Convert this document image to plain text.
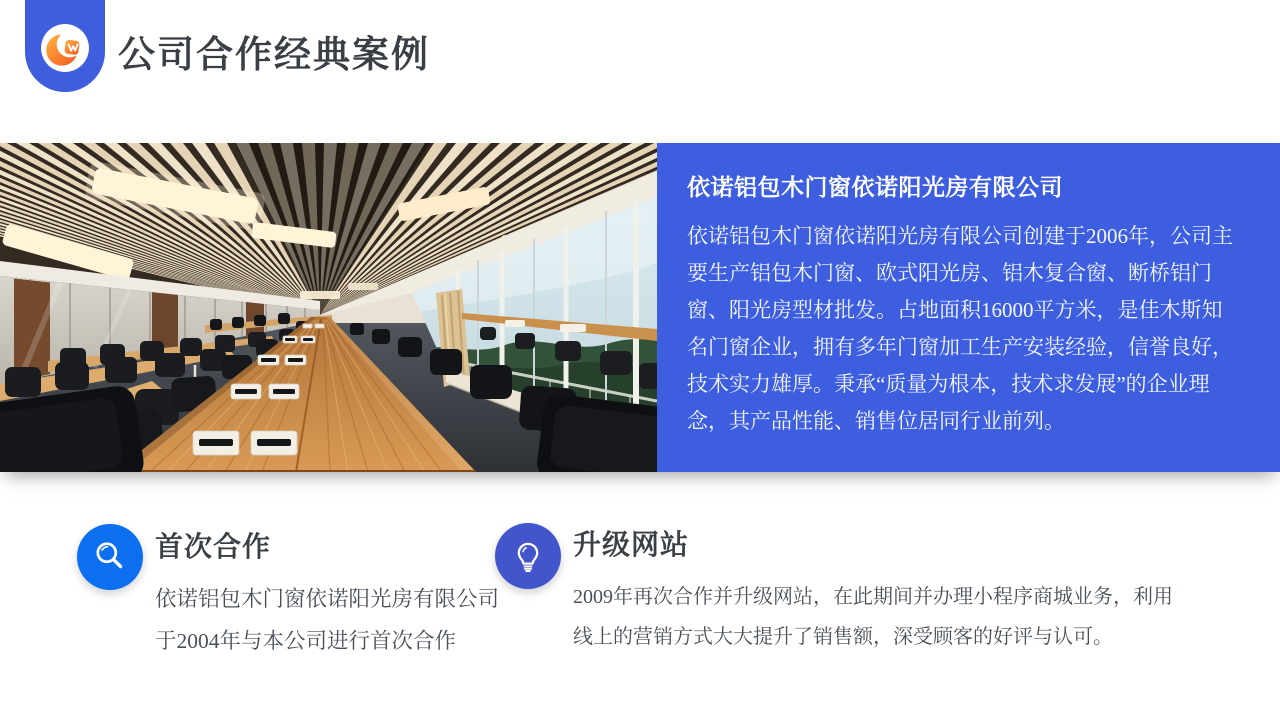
公司合作经典案例
依诺铝包木门窗依诺阳光房有限公司

依诺铝包木门窗依诺阳光房有限公司创建于2006年，公司主要生产铝包木门窗、欧式阳光房、铝木复合窗、断桥铝门窗、阳光房型材批发。占地面积16000平方米，是佳木斯知名门窗企业，拥有多年门窗加工生产安装经验，信誉良好，技术实力雄厚。秉承“质量为根本，技术求发展”的企业理念，其产品性能、销售位居同行业前列。

首次合作

依诺铝包木门窗依诺阳光房有限公司于2004年与本公司进行首次合作

升级网站

2009年再次合作并升级网站，在此期间并办理小程序商城业务，利用线上的营销方式大大提升了销售额，深受顾客的好评与认可。
